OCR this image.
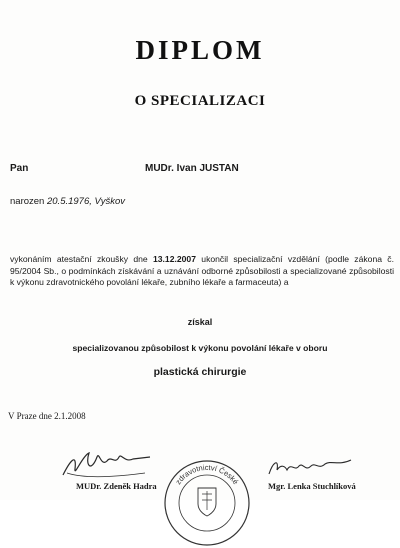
DIPLOM
O SPECIALIZACI
Pan	MUDr. Ivan JUSTAN
narozen 20.5.1976, Vyškov
vykonáním atestační zkoušky dne 13.12.2007 ukončil specializační vzdělání (podle zákona č. 95/2004 Sb., o podmínkách získávání a uznávání odborné způsobilosti a specializované způsobilosti k výkonu zdravotnického povolání lékaře, zubního lékaře a farmaceuta) a
získal
specializovanou způsobilost k výkonu povolání lékaře v oboru
plastická chirurgie
V Praze dne 2.1.2008
MUDr. Zdeněk Hadra	Mgr. Lenka Stuchlíková
zdravotnictví České
